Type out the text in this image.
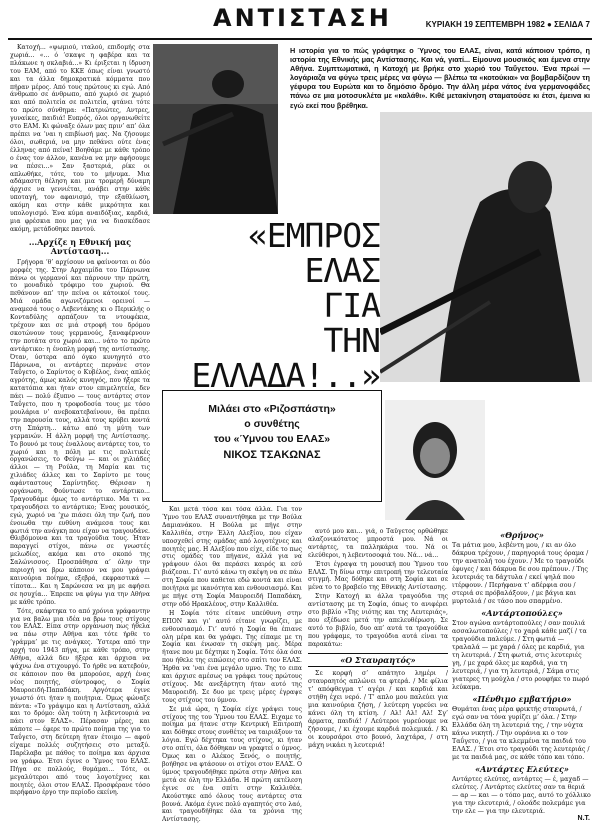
ΑΝΤΙΣΤΑΣΗ	ΚΥΡΙΑΚΗ 19 ΣΕΠΤΕΜΒΡΗ 1982 ● ΣΕΛΙΔΑ 7

Κατοχή... «ψωμιού, ιταλού, επιδομής στα χωριά... «... ό ‘σκαψε η φαβέρα και τα πλάκωνε η σκλαβιά...» Κι έριξεται η ίδρυση του ΕΑΜ, από το ΚΚΕ όπως είναι γνωστό και τα άλλα δημοκρατικά κόμματα που πήραν μέρος. Από τους πρώτους κι εγώ. Από άνθρωπο σε άνθρωπο, από χωριό σε χωριό και από πολιτεία σε πολιτεία, φτάνει τότε το πρώτο σύνθημα: «Πατριώτες, Αντρες, γυναίκες, παιδιά! Ευπρός, όλοι οργανωθείτε στο ΕΑΜ. Κι φώναξε όλων μας πριν’ απ’ όλα πρέπει να ‘ναι η επιβίωσή μας. Να ζήσουμε όλοι, σωθεριά, να μην πεθάνει ούτε ένας έλληνας από πείνα! Βοηθάμε με κάθε τρόπο ο ένας τον άλλον, κανένα να μην αφήσουμε να πέσει...» Σαν ξαστεριά, ρίκε οι απλωθήκε, τότε, του το μήνυμα. Μια αδάμαστη θέληση και μια τρομερή δύναμη άρχισε να γεννιέται, ανάβει στην κάθε υποταγή, τον αφανισμό, την εξαθλίωση, ακόμη και στην κάθε μικρότητα και υπολογισμό. Ένα κύμα αναιδόξιας, καρδιά, μια φρέσκια που μας για να διασκέδασε ακόμη, μετάδοθηκε παντού.

...Αρχίζε η Εθνική μας Αντίσταση...

Γρήγορα ‘θ’ αρχίσουν να φαίνονται οι δύο μορφές της. Στην Αρχαιμίδα του Πάρνωνα πάνω οι γερμανοί και πάρνουν την πρώτη, το μοναδικό τρόφιμο του χωριού. Θα πεθάνουν απ’ την πείνα οι κάτοικοί τους. Μιά ομάδα αγωνιζόμενοι ορεινοί — αναμεσά τους ο Λεβεντάκης κι ο Περικλής ο Κονταδύλης αρπάζουν τα ντουφέκια, τρέχουν και σε μιά στροφή του δρόμου σκοτώνουν τους γερμανούς, ξαναφέρνουν την ποτάτα στο χωριό και... νάτο το πρώτο αντάρτικο: η ένοπλη μορφή της αντίστασης. Όταν, ύστερα από όγκο κυνηγητό στο Πάρνωνα, οι αντάρτες περνάνε στον Ταΰγετο, ο Σαρίντος ο Κυβέλος, ένας απλός αγρότης, άμως καλός κυνηγός, που ήξερε τα κατατόπια και ήταν στον επιμελητεία, δεν πάει — πολύ έξυπνο — τους αντάρτες στον Ταΰγετο, που η τροφοδοσία τους με τόσο μουλάρια ν’ ανεβοκατεβαίνουν, θα πρέπει την παρουσία τους, αλλά τους κρύβει κοντά στη Σπάρτη... κάτω από τη μύτη των γερμανών. Η άλλη μορφή της Αντίστασης. Το βουνό με τους έναλλους αντάρτες του, το χωριό και η πόλη με τις πολιτικές οργανώσεις, το Φεύγω — και οι χιλιάδες άλλοι — τη Ρούλα, τη Μαρία και τις χιλιάδες άλλες και το Σαρίντο με τους αφάνταστους Σαρίντηδες. Θέρισαν η οργάνωση. Φούντωσε το αντάρτικο... Τραγουδάμε όμως το αντάρτικο. Μα τι να τραγουδήσει το αντάρτικο; Ένας μουσικός, εγώ, χωριό να ‘χω πιάσει όλη την ζωή, που ένοιωθα την ευθύνη ανάμεσα τους και φωτιά την ανάγκη που είχαν να τραγουδάνε. Θλιβόμουνα και τα τραγούδια τους. Ήταν παραγγεί στίχοι, πάνω σε γνωστές μελωδίες, ακόμα και στο σκοπό της Σαλώνισσος. Προσπάθησα α’ όλην την περιοχή να βρω κάποιον να μου γράψει καινούρια ποίημα, εξεβρά, εκφραστικά — τίποτα... Και η Σαρώνεσα να μη με αφήσει σε ησυχία... Έπρεπε να φύγω για την Αθήνα με κάθε τρόπο.

Τότε, σκάφτηκα το από χρόνια γράφαντην για να βαλω μια ιδέα να βρω τους στίχους του ΕΛΑΣ. Είπα στην οργάνωση πως ήθελα να πάω στην Αθήνα και τότε ήρθε το ‘γράμμα’ με τις ανάγκες. Ύστερα από την αρχή του 1943 πήγα, με κάθε τρόπο, στην Αθήνα, αλλά δεν ήξερα και άρχισα να ψάχνω ένα στιχουργό. Το ήρθε να κατεβούν, σε κάποιον που θα μπορούσε, αρχή ένας νέος ποιητής, σύντροφος, ο Σοφία Μαυροειδή-Παπαδάκη. Αργότερα έγινε γνωστό ότι ήταν η ποιήτρια. Όμως φώναζε πάντα: «Το γράψιμο και η Αντίσταση, αλλά και το δρόμο: όλη τούτη η λεβεντουριά να πάει στον ΕΛΑΣ». Πέρασαν μέρες, και κάποτε — έφερε το πρώτο ποίημα της για το Ταΰγετο, στη δεύτερη ήταν έτοιμο — αφού είχαμε πολλές συζητήσεις στο μεταξύ. Παρέλαβα με πάθος το ποίημα και άρχισα να γράφω. Έτσι έγινε ο Ύμνος του ΕΛΑΣ. Πήγα σε πολλούς, θυμάμαι... Τότε, οι μεγαλύτεροι από τους λογοτέχνες και ποιητές, όλοι στον ΕΛΑΣ. Προσφέρανε τόσο περήφανο έργο την περίοδο εκείνη.

Η ιστορία για το πώς γράφτηκε ο Ύμνος του ΕΛΑΣ, είναι, κατά κάποιον τρόπο, η ιστορία της Εθνικής μας Αντίστασης. Και νά, γιατί... Είμουνα μουσικός και έμενα στην Αθήνα. Συμπτωματικά, η Κατοχή με βρήκε στο χωριό του Ταΰγετου. Ένα πρωί — λογάριαζα να φύγω τρεις μέρες να φύγω — βλέπω τα «κοτούκια» να βομβαρδίζουν τη γέφυρα του Ευρώτα και το δημόσιο δρόμο. Την άλλη μέρα νάτος ένα γερμανοφάδες πάνω σε μια μοτοσυκλέτα με «καλάθι». Κιθέ μετακίνηση σταματούσε κι έτσι, έμεινα κι εγώ εκεί που βρέθηκα.
«ΕΜΠΡΟΣ
ΕΛΑΣ
ΓΙΑ
ΤΗΝ
ΕΛΛΑΔΑ!..»
Μιλάει στο «Ριζοσπάστη»
ο συνθέτης
του «Ύμνου του ΕΛΑΣ»
ΝΙΚΟΣ ΤΣΑΚΩΝΑΣ

Και μετά τόσα και τόσα άλλα. Για τον Ύμνο του ΕΛΑΣ συναντήθηκα με την Βούλα Δαμιανάκου. Η Βούλα με πήγε στην Καλλιθέα, στην Έλλη Αλεξίου, που είχαν υποσχεθεί στης ομάδας από λογοτέχνες και ποιητές μας. Η Αλεξίου που είχε, είδε το πως στις ομάδες του πήγανε, αλλά για να γράψουν όλοι θα περάσει καιρός κι εσύ βιάζεσαι. Γι’ αυτό κάνω τη σκέψη να σε πάω στη Σοφία που καθεται εδώ κοντά και είναι ποιήτρια με ικανότητα και ενθουσιασμό. Και με πήγε στη Σοφία Μαυροειδή Παπαδάκη, στην οδό Ηρακλέους, στην Καλλιθέα.

Η Σοφία τότε είτανε υπεύθυνη στην ΕΠΟΝ και γι’ αυτό είτανε γνωρίζει, με ενθουσιασμό. Γι’ αυτό η Σοφία θα έπιανε ολη μέρα και θα γράφει. Της είπαμε με τη Σοφία και ένωσαν τη σκέψη μας. Μέρα ήτανε που με δέχτηκε η Σοφία. Τότε όλα όσα που ήθελε της ειπώσεις στο σπίτι τον ΕΛΑΣ. Ήρθα να ‘ναι ένα μεγάλο υμνο. Της το ειπα και άρχισε αμέσως να γράφει τους πρώτους στίχους. Με ανεξάρτητη ήταν αυτό της Μαυροειδή. Σε δυο με τρεις μέρες έγραψε τους στίχους του ύμνου.

Σε μιά ώρα, η Σοφία είχε γράψει τους στίχους της του Ύμνου του ΕΛΑΣ. Ειχαμε το ποίημα μα ήτανε στην Κεντρική Επιτροπή και δόθηκε στους συνθέτες να ταιριάξουν τα λόγια. Εγώ δέχτηκα τους στίχους, κι ήταν στο σπίτι, όλα δόθηκαν να γραφτεί ο ύμνος. Όμως και ο Αλέκος Ξενός, ο ποιητής, βοήθησε να φτάσουν οι στίχοι στον ΕΛΑΣ. Ο ύμνος τραγουδήθηκε πρώτα στην Αθήνα και μετά σε όλη την Ελλάδα. Η πρώτη εκτέλεση έγινε σε ένα σπίτι στην Καλλιθέα. Ακούστηκε από όλους τους αντάρτες στα βουνά. Ακόμα έγινε πολύ αγαπητός στο λαό, και τραγουδήθηκε όλα τα χρόνια της Αντίστασης.

αυτό μου και... γιά, ο Ταΰγετος ορθώθηκε αλαζονικότατος μπροστά μου. Νά οι αντάρτες, τα παλληκάρια του. Νά οι ελεύθεροι, η λεβεντοσοφιά του. Νά... νά...

Έτσι έγραψα τη μουσική που Ύμνου του ΕΛΑΣ. Τη δίνω στην επιτροπή την τελευταία στιγμή. Μας δόθηκε και στη Σοφία και σε μένα το το βραβείο της Εθνικής Αντίστασης.

Στην Κατοχή κι άλλα τραγούδια της αντίστασης με τη Σοφία, όπως το ανιφέρει στο βιβλίο «Της νιότης και της Λευτεριάς», που εξέδωσε μετά την απελευθέρωση. Σε αυτό το βιβλίο, δυο απ’ αυτά τα τραγούδια που γράφαμε, το τραγούδια αυτά είναι τα παρακάτω:

«Ο Σταυραητός»

Σε κορφή σ’ απάτητο λημέρι / σταυραητός απλώνει τα φτερά. / Με φίλια τ’ απόφθεγμα τ’ αγέρι / και καρδιά και στήθη έχει νερό. / Τ’ απλο μου παλεύει για μια καινούρια ζήση, / λεύτερη γυρεύει να κάνει όλη τη κτίση. / Αλ! Αλ! Αλ! Σγ’ άρματα, παιδιά! / Λεύτεροι γυρεύουμε να ζήσουμε, / κι έχουμε καρδιά πολεμικά. / Κι οι κουρσάροι στο βουνό, λαχτάρα, / στη μάχη νικάει η λευτεριά!

«Θρήνος»

Τα μάτια μου, λεβέντη μου, / κι αν όλο δάκρυα τρέχουν, / παρηγοριά τους όραμα / την ανατολή του έχουν. / Με το τραγούδι έφυγες / και δάκρυα δε σου πρέπουν. / Της λευτεριάς τα δάχτυλα / εκεί ψηλά που ιτέρφουν. / Περήφανα τ’ αδέρφια σου / στεριά σε πρόβαλάξουν, / με βάγια και μυρτολιά / σε τάσο που σπαρμένο.

«Αντάρτοπούλες»

Στον αγώνα αντάρτοπούλες / σαν πουλιά ασσαλωτοπούλες / το χαρά κάθε μαζί / τα τραγούδια παλεύμε. / Στη φωτιά — τραλαλά — με χαρά / όλες με καρδιά, για τη λευτεριά. / Στη φωτιά, στις λευτεριές γη, / με χαρά όλες με καρδιά, για τη λευτεριά, / για τη λευτεριά, / Σάμα στις γιατερες τη μούχλα / στο ρουφήκε το πωρό λεύκαμα.

«Πένθιμο εμβατήριο»

Θυμάται ένας μέρα φρικτής σταυρωτά, / εγώ σαν να τόνα γυρίζει μ’ όλα. / Στην Ελλάδα όλη τη λευτεριά της, / την νύχτα κάνω νικητή. / Την ουράνια κι ο τον Ταΰγετο, / για τα κλεμμένα τα παιδιά του ΕΛΑΣ. / Έτσι στο τραγούδι της λευτεριάς / με τα παιδιά μας, σε κάθε τόπο και τόπο.

«Αντάρτες Ελεύτες»

Αντάρτες ελεύτες, αντάρτες — έ, μαχαδ — ελεύτες. / Αντάρτες ελεύτες σαν τα θεριά — αρ — και — ο τόπο μας, αυτό το χόλλικο για την ελευτεριά, / ολοάδε πολεμάμε για την ελε — για την ελευτεριά.

Ν.Τ.
